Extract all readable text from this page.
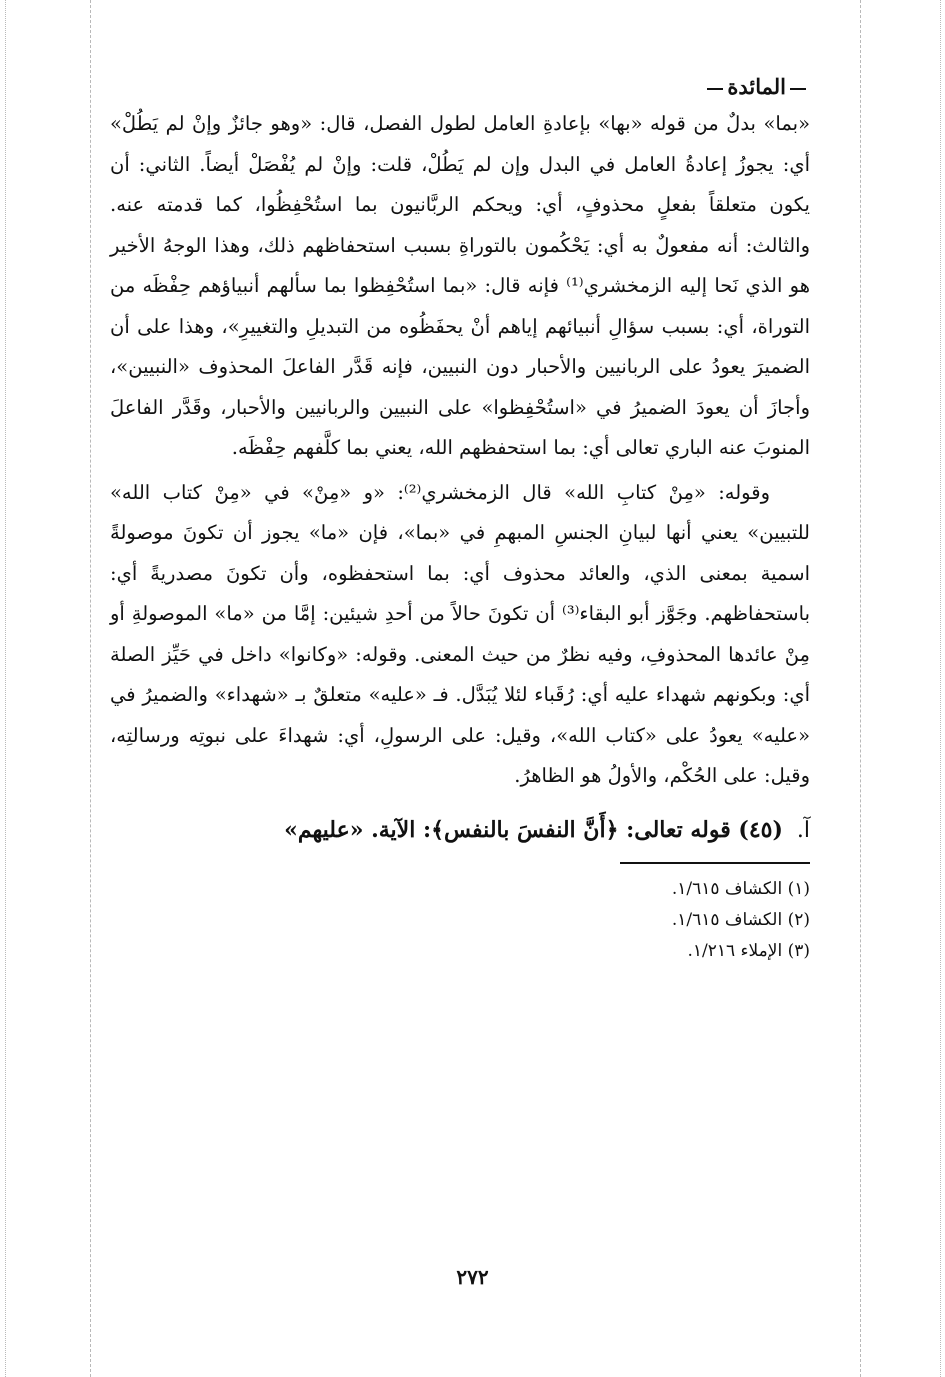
المائدة

«بما» بدلٌ من قوله «بها» بإعادةِ العامل لطول الفصل، قال: «وهو جائزٌ وإنْ لم يَطُلْ» أي: يجوزُ إعادةُ العامل في البدل وإن لم يَطُلْ، قلت: وإنْ لم يُفْصَلْ أيضاً. الثاني: أن يكون متعلقاً بفعلٍ محذوفٍ، أي: ويحكم الربَّانيون بما استُحْفِظُوا، كما قدمته عنه. والثالث: أنه مفعولٌ به أي: يَحْكُمون بالتوراةِ بسبب استحفاظهم ذلك، وهذا الوجهُ الأخير هو الذي نَحا إليه الزمخشري⁽¹⁾ فإنه قال: «بما استُحْفِظوا بما سألهم أنبياؤهم حِفْظَه من التوراة، أي: بسبب سؤالِ أنبيائهم إياهم أنْ يحفَظُوه من التبديلِ والتغييرِ»، وهذا على أن الضميرَ يعودُ على الربانيين والأحبار دون النبيين، فإنه قَدَّر الفاعلَ المحذوف «النبيين»، وأجازَ أن يعودَ الضميرُ في «استُحْفِظوا» على النبيين والربانيين والأحبار، وقَدَّر الفاعلَ المنوبَ عنه الباري تعالى أي: بما استحفظهم الله، يعني بما كلَّفهم حِفْظَه.

وقوله: «مِنْ كتابِ الله» قال الزمخشري⁽²⁾: «و «مِنْ» في «مِنْ كتاب الله» للتبيين» يعني أنها لبيانِ الجنسِ المبهمِ في «بما»، فإن «ما» يجوز أن تكونَ موصولةً اسمية بمعنى الذي، والعائد محذوف أي: بما استحفظوه، وأن تكونَ مصدريةً أي: باستحفاظهم. وجَوَّز أبو البقاء⁽³⁾ أن تكونَ حالاً من أحدِ شيئين: إمَّا من «ما» الموصولةِ أو مِنْ عائدها المحذوفِ، وفيه نظرٌ من حيث المعنى. وقوله: «وكانوا» داخل في حَيِّز الصلة أي: وبكونهم شهداء عليه أي: رُقَباء لئلا يُبَدَّل. فـ «عليه» متعلقٌ بـ «شهداء» والضميرُ في «عليه» يعودُ على «كتاب الله»، وقيل: على الرسولِ، أي: شهداءَ على نبوتِه ورسالتِه، وقيل: على الحُكْم، والأولُ هو الظاهرُ.

آ.(٤٥) قوله تعالى: ﴿أَنَّ النفسَ بالنفس﴾: الآية. «عليهم»
(١) الكشاف ١/٦١٥.
(٢) الكشاف ١/٦١٥.
(٣) الإملاء ١/٢١٦.
٢٧٢
